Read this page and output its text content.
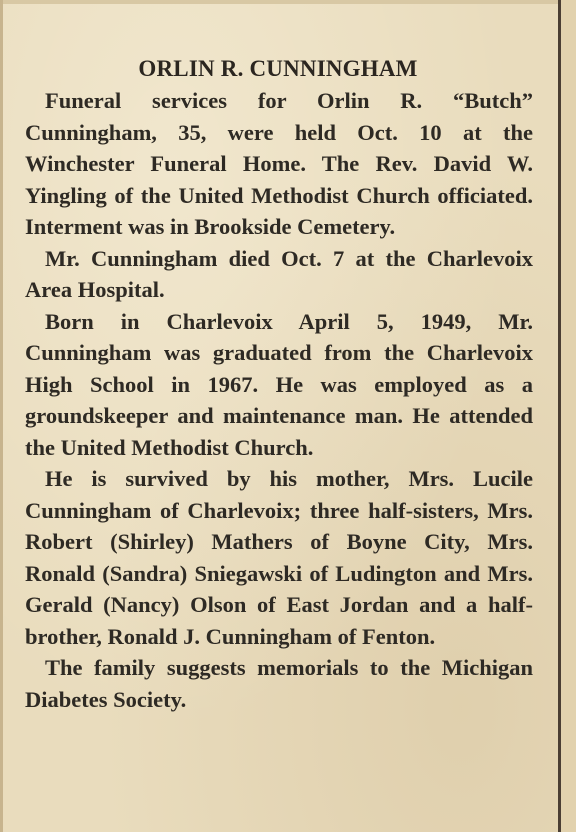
ORLIN R. CUNNINGHAM

Funeral services for Orlin R. “Butch” Cunningham, 35, were held Oct. 10 at the Winchester Funeral Home. The Rev. David W. Yingling of the United Methodist Church officiated. Interment was in Brookside Cemetery.

Mr. Cunningham died Oct. 7 at the Charlevoix Area Hospital.

Born in Charlevoix April 5, 1949, Mr. Cunningham was graduated from the Charlevoix High School in 1967. He was employed as a groundskeeper and maintenance man. He attended the United Methodist Church.

He is survived by his mother, Mrs. Lucile Cunningham of Charlevoix; three half-sisters, Mrs. Robert (Shirley) Mathers of Boyne City, Mrs. Ronald (Sandra) Sniegawski of Ludington and Mrs. Gerald (Nancy) Olson of East Jordan and a half-brother, Ronald J. Cunningham of Fenton.

The family suggests memorials to the Michigan Diabetes Society.
